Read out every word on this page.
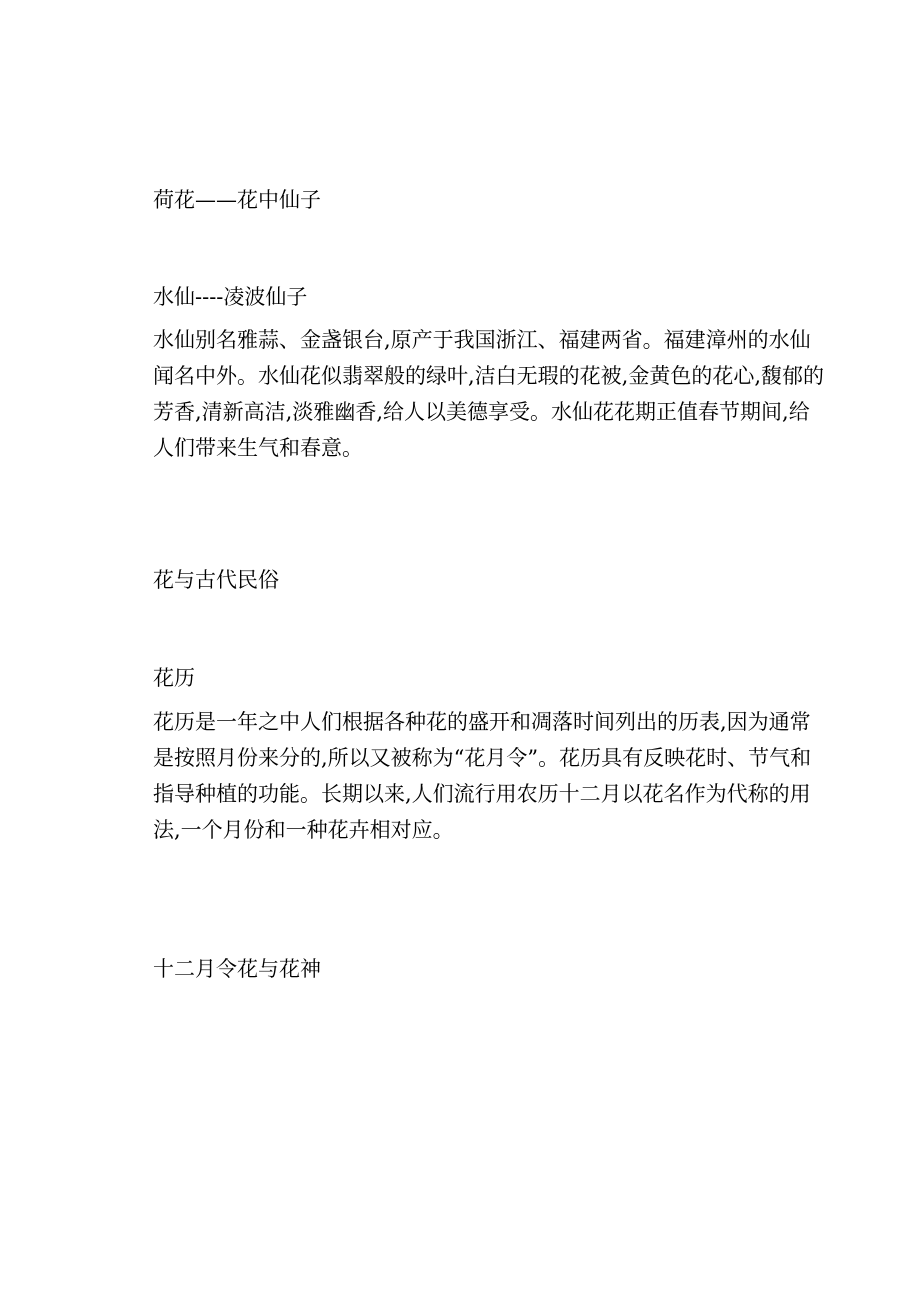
荷花——花中仙子

水仙----凌波仙子

水仙别名雅蒜、金盏银台,原产于我国浙江、福建两省。福建漳州的水仙闻名中外。水仙花似翡翠般的绿叶,洁白无瑕的花被,金黄色的花心,馥郁的芳香,清新高洁,淡雅幽香,给人以美德享受。水仙花花期正值春节期间,给人们带来生气和春意。

花与古代民俗

花历

花历是一年之中人们根据各种花的盛开和凋落时间列出的历表,因为通常是按照月份来分的,所以又被称为“花月令”。花历具有反映花时、节气和指导种植的功能。长期以来,人们流行用农历十二月以花名作为代称的用法,一个月份和一种花卉相对应。

十二月令花与花神
